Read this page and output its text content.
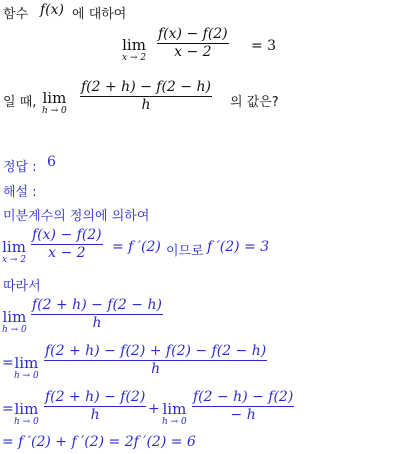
함수 f(x) 에 대하여
lim
$x \to 2 \frac{f(x) - f(2)}{x - 2} = 3$
일 때, lim
$h \to 0 \frac{f(2 + h) - f(2 - h)}{h}$ 의 값은?
정답 : 6
해설 :
미분계수의 정의에 의하여
lim
$x \to 2 \frac{f(x) - f(2)}{x - 2} = f$ ′(2) 이므로 f ′(2) = 3
따라서
lim
$h \to 0 \frac{f(2 + h) - f(2 - h)}{h}$
= lim
$h \to 0 \frac{f(2 + h) - f(2) + f(2) - f(2 - h)}{h}$
= lim
$h \to 0 \frac{f(2 + h) - f(2)}{h} + \lim$
$h \to 0 \frac{f(2 - h) - f(2)}{- h}$
= f ′(2) + f ′(2) = 2f ′(2) = 6
